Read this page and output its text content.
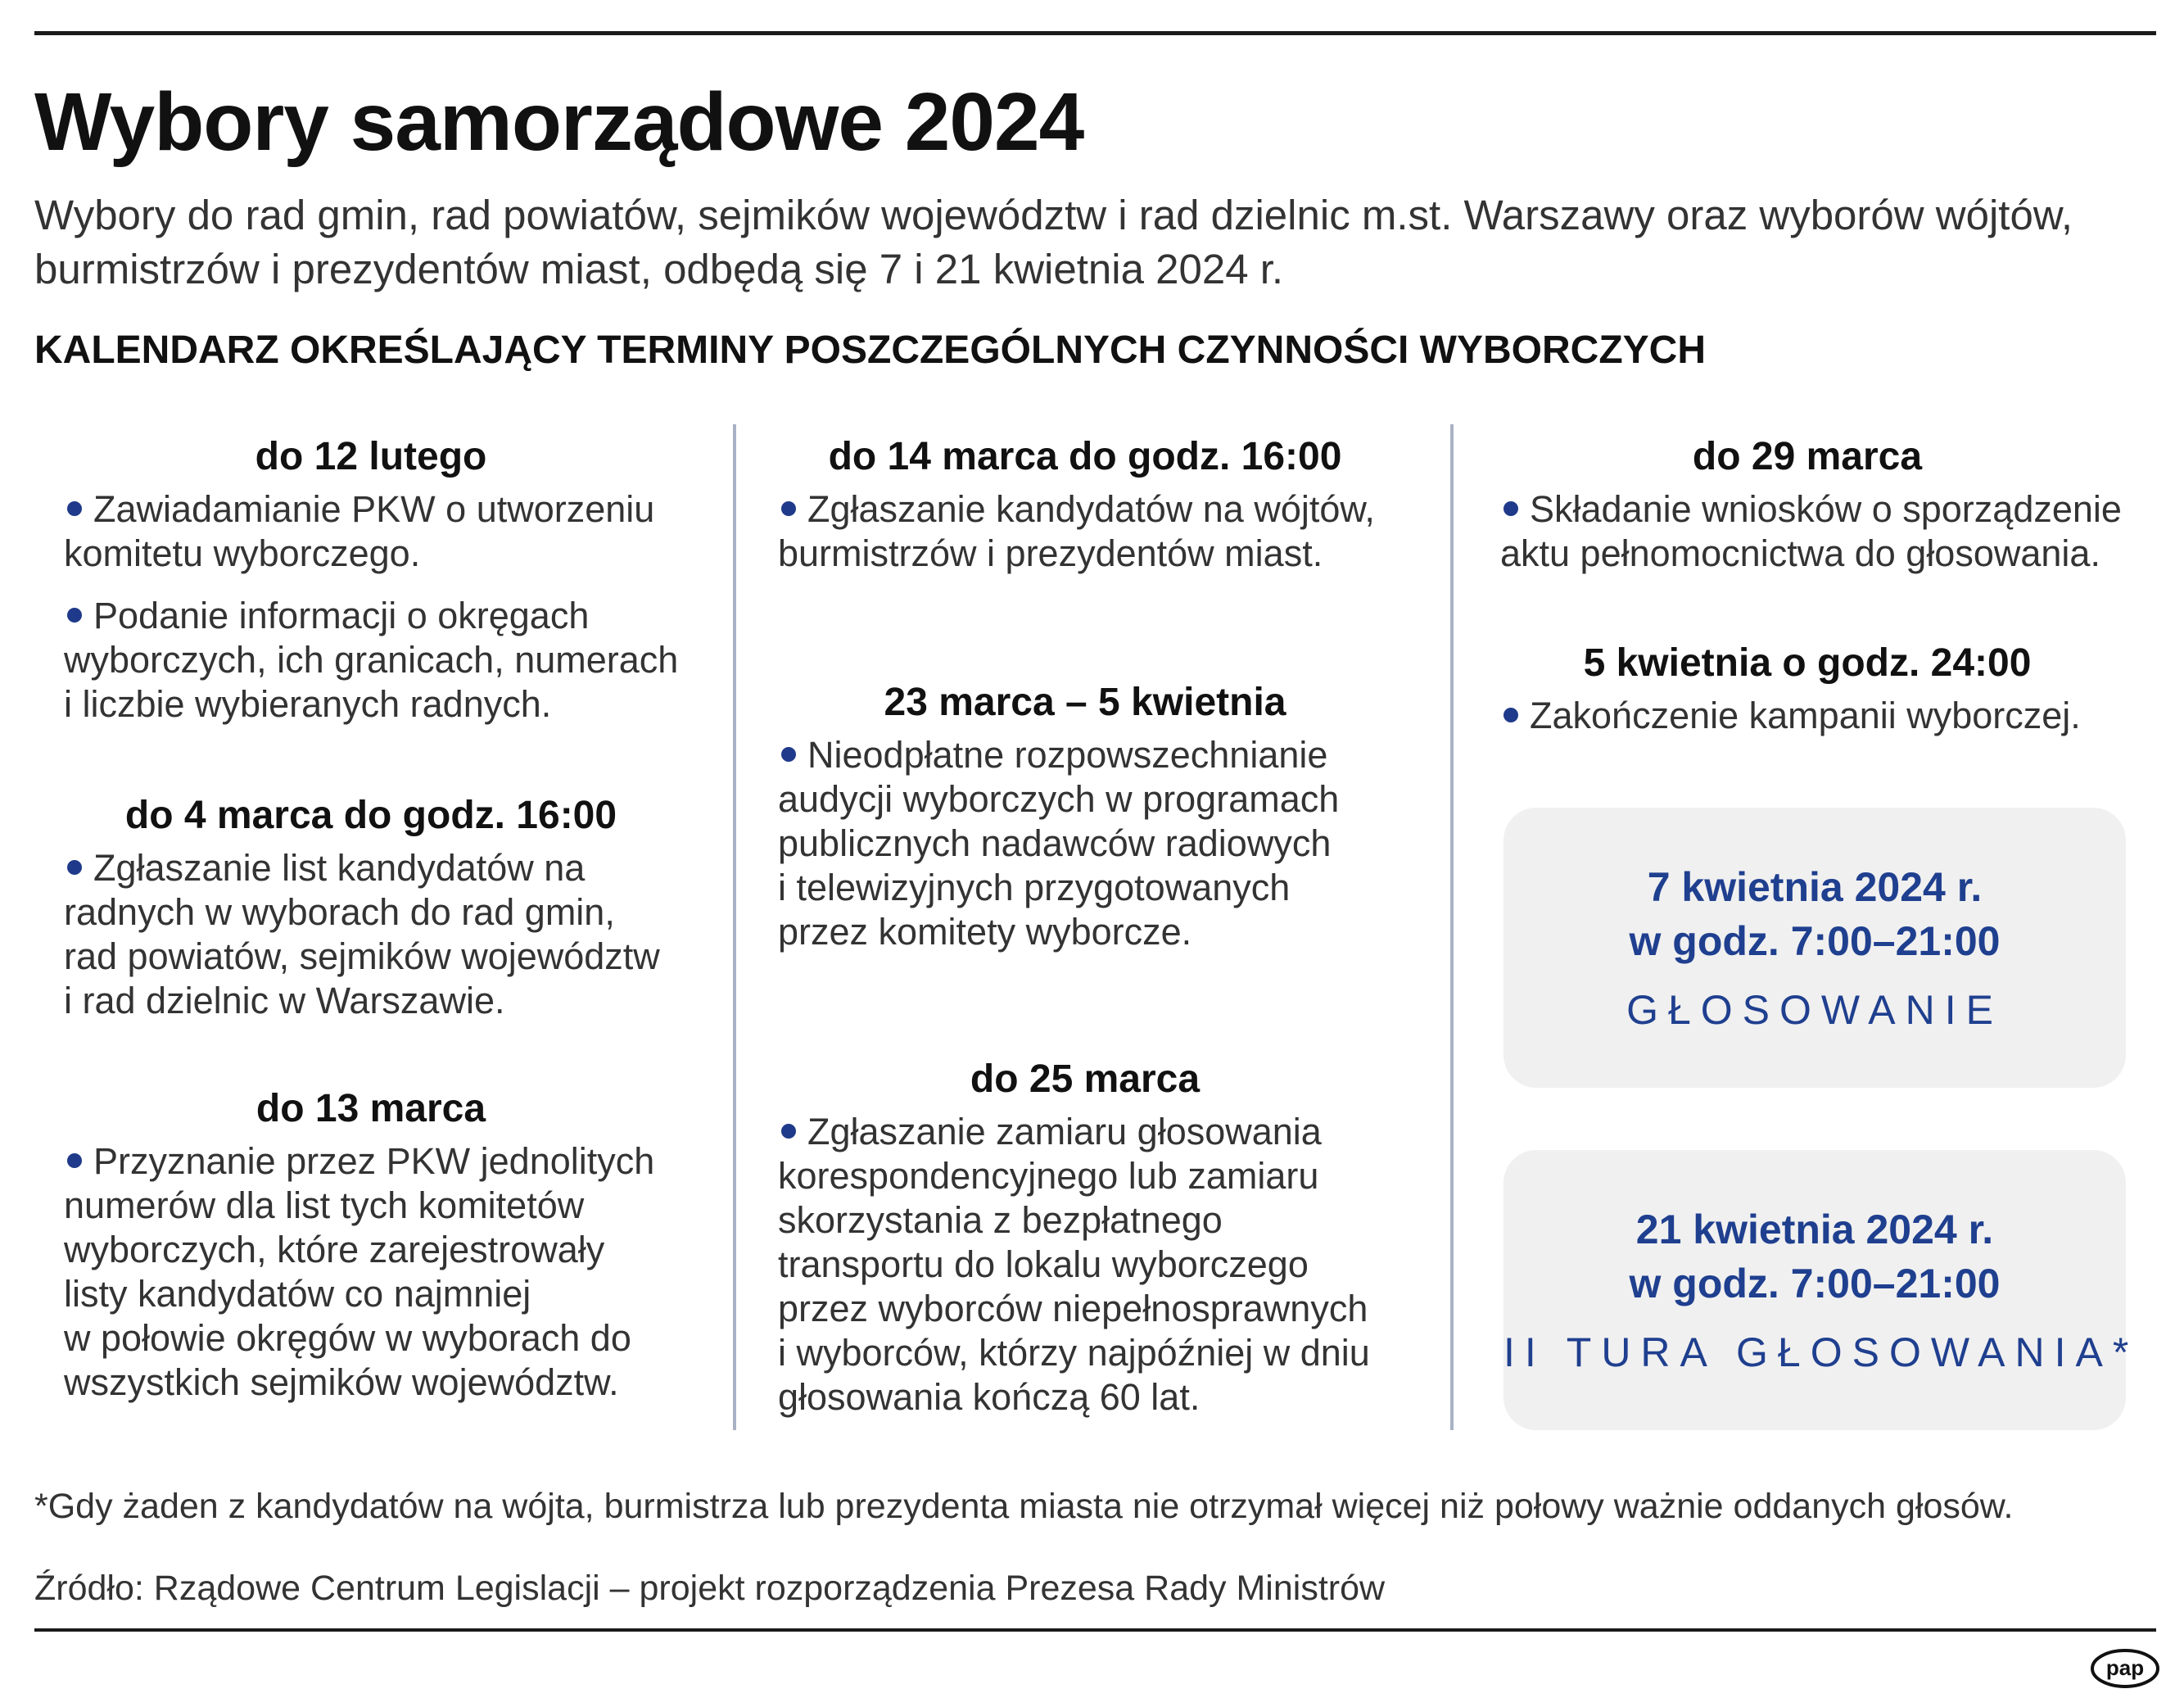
Wybory samorządowe 2024

Wybory do rad gmin, rad powiatów, sejmików województw i rad dzielnic m.st. Warszawy oraz wyborów wójtów,

burmistrzów i prezydentów miast, odbędą się 7 i 21 kwietnia 2024 r.

KALENDARZ OKREŚLAJĄCY TERMINY POSZCZEGÓLNYCH CZYNNOŚCI WYBORCZYCH
do 12 lutego
Zawiadamianie PKW o utworzeniu
komitetu wyborczego.
Podanie informacji o okręgach
wyborczych, ich granicach, numerach
i liczbie wybieranych radnych.
do 4 marca do godz. 16:00
Zgłaszanie list kandydatów na
radnych w wyborach do rad gmin,
rad powiatów, sejmików województw
i rad dzielnic w Warszawie.
do 13 marca
Przyznanie przez PKW jednolitych
numerów dla list tych komitetów
wyborczych, które zarejestrowały
listy kandydatów co najmniej
w połowie okręgów w wyborach do
wszystkich sejmików województw.
do 14 marca do godz. 16:00
Zgłaszanie kandydatów na wójtów,
burmistrzów i prezydentów miast.
23 marca – 5 kwietnia
Nieodpłatne rozpowszechnianie
audycji wyborczych w programach
publicznych nadawców radiowych
i telewizyjnych przygotowanych
przez komitety wyborcze.
do 25 marca
Zgłaszanie zamiaru głosowania
korespondencyjnego lub zamiaru
skorzystania z bezpłatnego
transportu do lokalu wyborczego
przez wyborców niepełnosprawnych
i wyborców, którzy najpóźniej w dniu
głosowania kończą 60 lat.
do 29 marca
Składanie wniosków o sporządzenie
aktu pełnomocnictwa do głosowania.
5 kwietnia o godz. 24:00
Zakończenie kampanii wyborczej.
7 kwietnia 2024 r.
w godz. 7:00–21:00
GŁOSOWANIE
21 kwietnia 2024 r.
w godz. 7:00–21:00
II TURA GŁOSOWANIA*
*Gdy żaden z kandydatów na wójta, burmistrza lub prezydenta miasta nie otrzymał więcej niż połowy ważnie oddanych głosów.
Źródło: Rządowe Centrum Legislacji – projekt rozporządzenia Prezesa Rady Ministrów
pap
